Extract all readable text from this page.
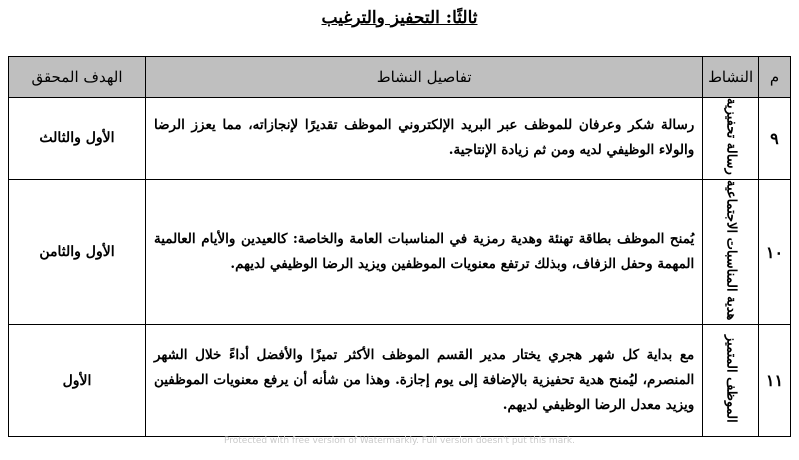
ثالثًا: التحفيز والترغيب
م	النشاط	تفاصيل النشاط	الهدف المحقق
٩	رسالة تحفيزية	رسالة شكر وعرفان للموظف عبر البريد الإلكتروني الموظف تقديرًا لإنجازاته، مما يعزز الرضا والولاء الوظيفي لديه ومن ثم زيادة الإنتاجية.	الأول والثالث
١٠	هدية المناسبات الاجتماعية	يُمنح الموظف بطاقة تهنئة وهدية رمزية في المناسبات العامة والخاصة: كالعيدين والأيام العالمية المهمة وحفل الزفاف، وبذلك ترتفع معنويات الموظفين ويزيد الرضا الوظيفي لديهم.	الأول والثامن
١١	الموظف المتميز	مع بداية كل شهر هجري يختار مدير القسم الموظف الأكثر تميزًا والأفضل أداءً خلال الشهر المنصرم، ليُمنح هدية تحفيزية بالإضافة إلى يوم إجازة. وهذا من شأنه أن يرفع معنويات الموظفين ويزيد معدل الرضا الوظيفي لديهم.	الأول
Protected with free version of Watermarkly. Full version doesn't put this mark.
